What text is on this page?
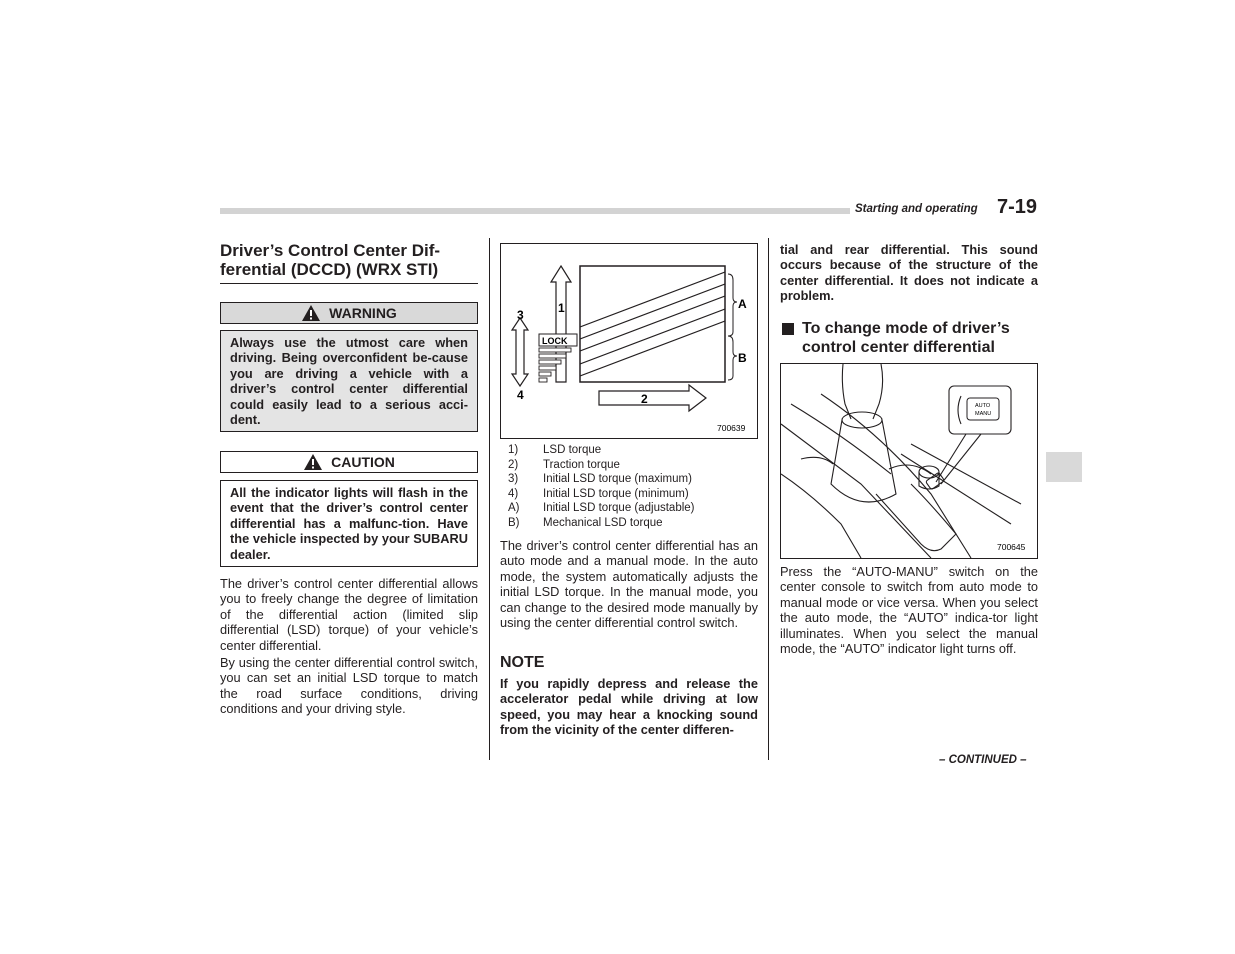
Starting and operating 7-19
Driver’s Control Center Dif-ferential (DCCD) (WRX STI)
WARNING
Always use the utmost care when driving. Being overconfident be-cause you are driving a vehicle with a driver’s control center differential could easily lead to a serious acci-dent.
CAUTION
All the indicator lights will flash in the event that the driver’s control center differential has a malfunc-tion. Have the vehicle inspected by your SUBARU dealer.
The driver’s control center differential allows you to freely change the degree of limitation of the differential action (limited slip differential (LSD) torque) of your vehicle’s center differential.
By using the center differential control switch, you can set an initial LSD torque to match the road surface conditions, driving conditions and your driving style.
A
B
1
3
4
LOCK
2
700639
1)	LSD torque
2)	Traction torque
3)	Initial LSD torque (maximum)
4)	Initial LSD torque (minimum)
A)	Initial LSD torque (adjustable)
B)	Mechanical LSD torque
The driver’s control center differential has an auto mode and a manual mode. In the auto mode, the system automatically adjusts the initial LSD torque. In the manual mode, you can change to the desired mode manually by using the center differential control switch.
NOTE
If you rapidly depress and release the accelerator pedal while driving at low speed, you may hear a knocking sound from the vicinity of the center differen-
tial and rear differential. This sound occurs because of the structure of the center differential. It does not indicate a problem.
To change mode of driver’s control center differential
AUTO
MANU
700645
Press the “AUTO-MANU” switch on the center console to switch from auto mode to manual mode or vice versa. When you select the auto mode, the “AUTO” indica-tor light illuminates. When you select the manual mode, the “AUTO” indicator light turns off.
– CONTINUED –
